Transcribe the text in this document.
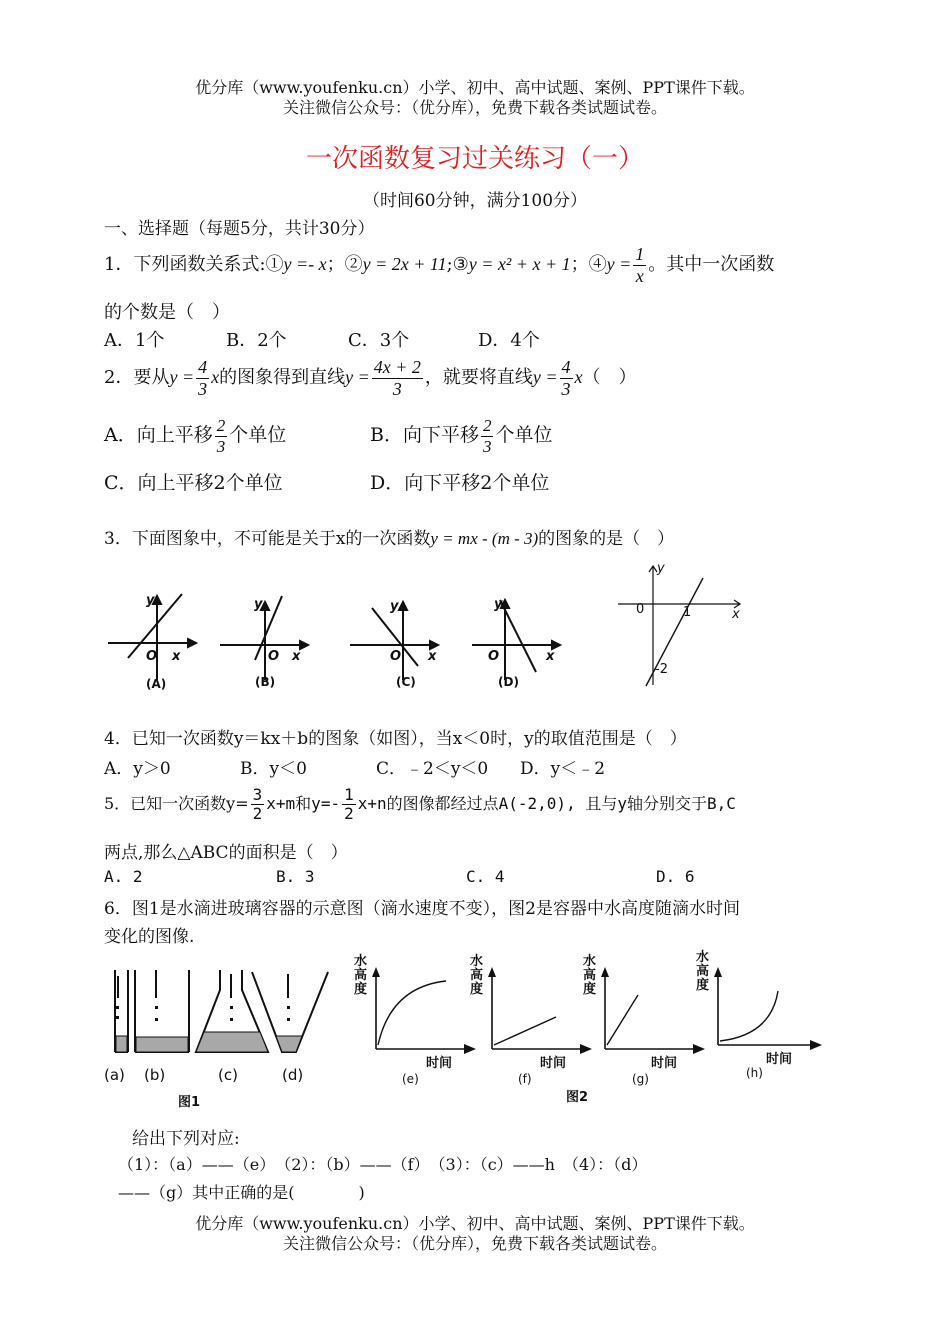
优分库（www.youfenku.cn）小学、初中、高中试题、案例、PPT课件下载。
关注微信公众号：（优分库），免费下载各类试题试卷。
一次函数复习过关练习（一）
（时间60分钟，满分100分）
一、选择题（每题5分，共计30分）
1．下列函数关系式:①y =- x；②y = 2x + 11;③y = x² + x + 1；④y = $\frac{1}{x}$ 。其中一次函数
的个数是（　）
A．1个	B．2个	C．3个	D．4个
2．要从$y = \frac{4}{3}$ x的图象得到直线$y = \frac{4x + 2}{3}$ ，就要将直线$y = \frac{4}{3} x$（　）
A．向上平移 $\frac{2}{3}$ 个单位	B．向下平移 $\frac{2}{3}$ 个单位
C．向上平移2个单位	D．向下平移2个单位
3．下面图象中，不可能是关于x的一次函数y = mx - (m - 3)的图象的是（　）
y
x
O
y
x
O
y
x
O
y
x
O
(A)	(B)	(C)	(D)
y
x
0	1
-2
4．已知一次函数y＝kx＋b的图象（如图），当x＜0时，y的取值范围是（　）
A．y＞0	B．y＜0	C．﹣2＜y＜0 D．y＜﹣2
5．已知一次函数$y= \frac{3}{2} x+m$和$y=- \frac{1}{2} x+n$的图像都经过点A(-2,0), 且与y轴分别交于B,C
两点,那么△ABC的面积是（　）
A. 2	B. 3	C. 4	D. 6
6．图1是水滴进玻璃容器的示意图（滴水速度不变），图2是容器中水高度随滴水时间
变化的图像.
(a) (b)	(c)	(d)
图1
水
高
度
水
高
度
水
高
度
水
高
度
时间	时间	时间	时间
(e)	(f)	(g)	(h)
图2
给出下列对应:
（1）：（a）——（e）　（2）：（b）——（f）　（3）：（c）——h　（4）：（d）
——（g）其中正确的是(　　　　)
优分库（www.youfenku.cn）小学、初中、高中试题、案例、PPT课件下载。
关注微信公众号：（优分库），免费下载各类试题试卷。
